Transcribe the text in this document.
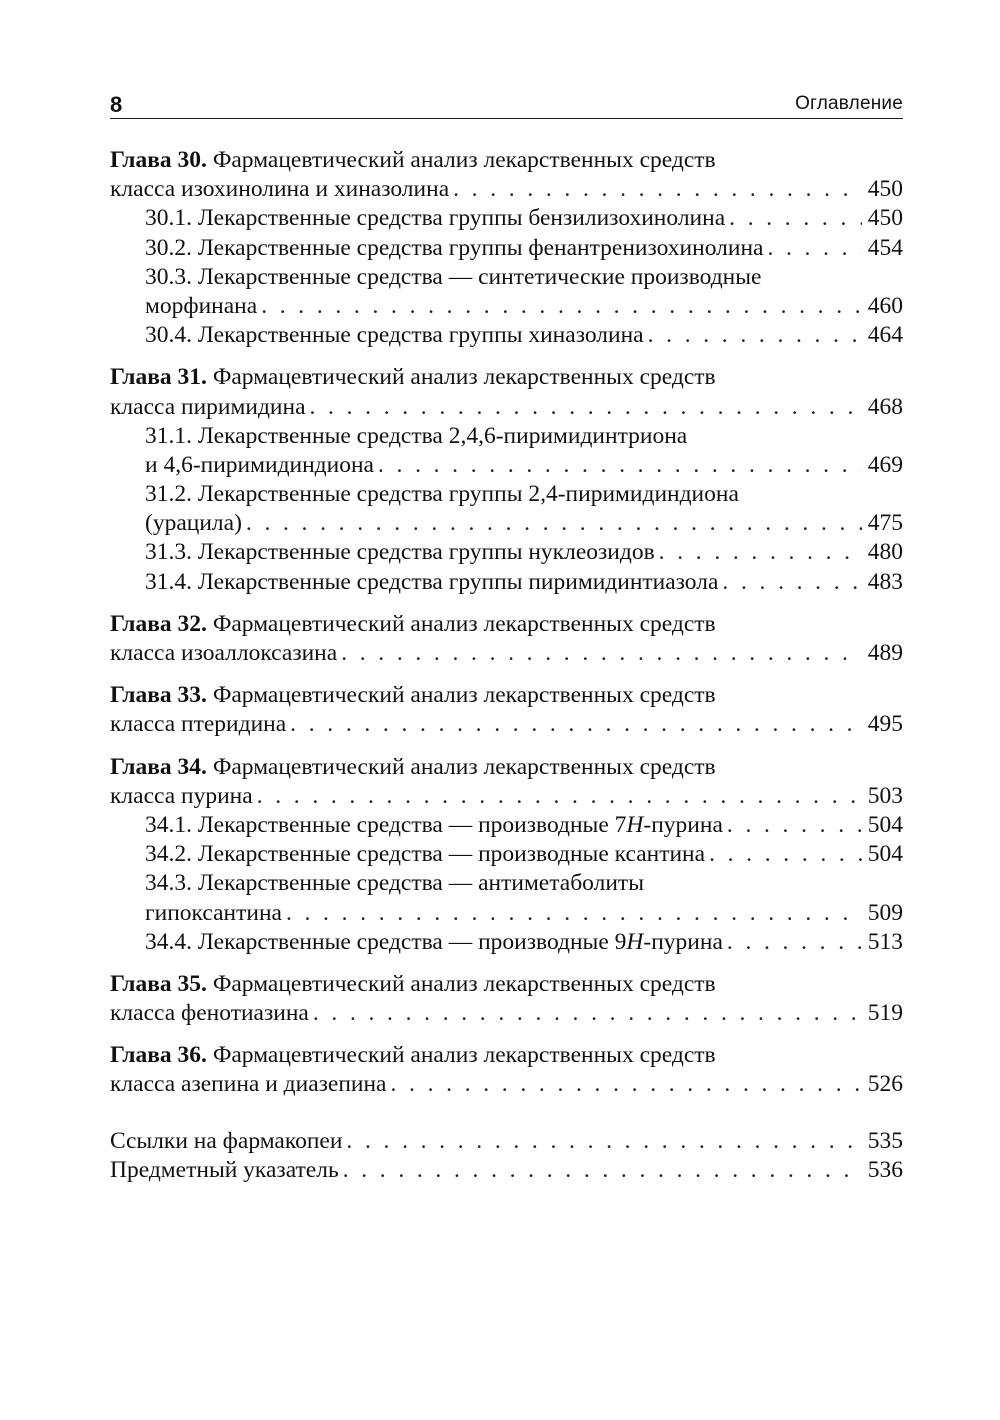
8	Оглавление
Глава 30. Фармацевтический анализ лекарственных средств
класса изохинолина и хиназолина . . .	450
30.1. Лекарственные средства группы бензилизохинолина . . .	450
30.2. Лекарственные средства группы фенантренизохинолина . . .	454
30.3. Лекарственные средства — синтетические производные
морфинана . . .	460
30.4. Лекарственные средства группы хиназолина . . .	464
Глава 31. Фармацевтический анализ лекарственных средств
класса пиримидина . . .	468
31.1. Лекарственные средства 2,4,6-пиримидинтриона
и 4,6-пиримидиндиона . . .	469
31.2. Лекарственные средства группы 2,4-пиримидиндиона
(урацила) . . .	475
31.3. Лекарственные средства группы нуклеозидов . . .	480
31.4. Лекарственные средства группы пиримидинтиазола . . .	483
Глава 32. Фармацевтический анализ лекарственных средств
класса изоаллоксазина . . .	489
Глава 33. Фармацевтический анализ лекарственных средств
класса птеридина . . .	495
Глава 34. Фармацевтический анализ лекарственных средств
класса пурина . . .	503
34.1. Лекарственные средства — производные 7H-пурина . . .	504
34.2. Лекарственные средства — производные ксантина . . .	504
34.3. Лекарственные средства — антиметаболиты
гипоксантина . . .	509
34.4. Лекарственные средства — производные 9H-пурина . . .	513
Глава 35. Фармацевтический анализ лекарственных средств
класса фенотиазина . . .	519
Глава 36. Фармацевтический анализ лекарственных средств
класса азепина и диазепина . . .	526
Ссылки на фармакопеи . . .	535
Предметный указатель . . .	536
